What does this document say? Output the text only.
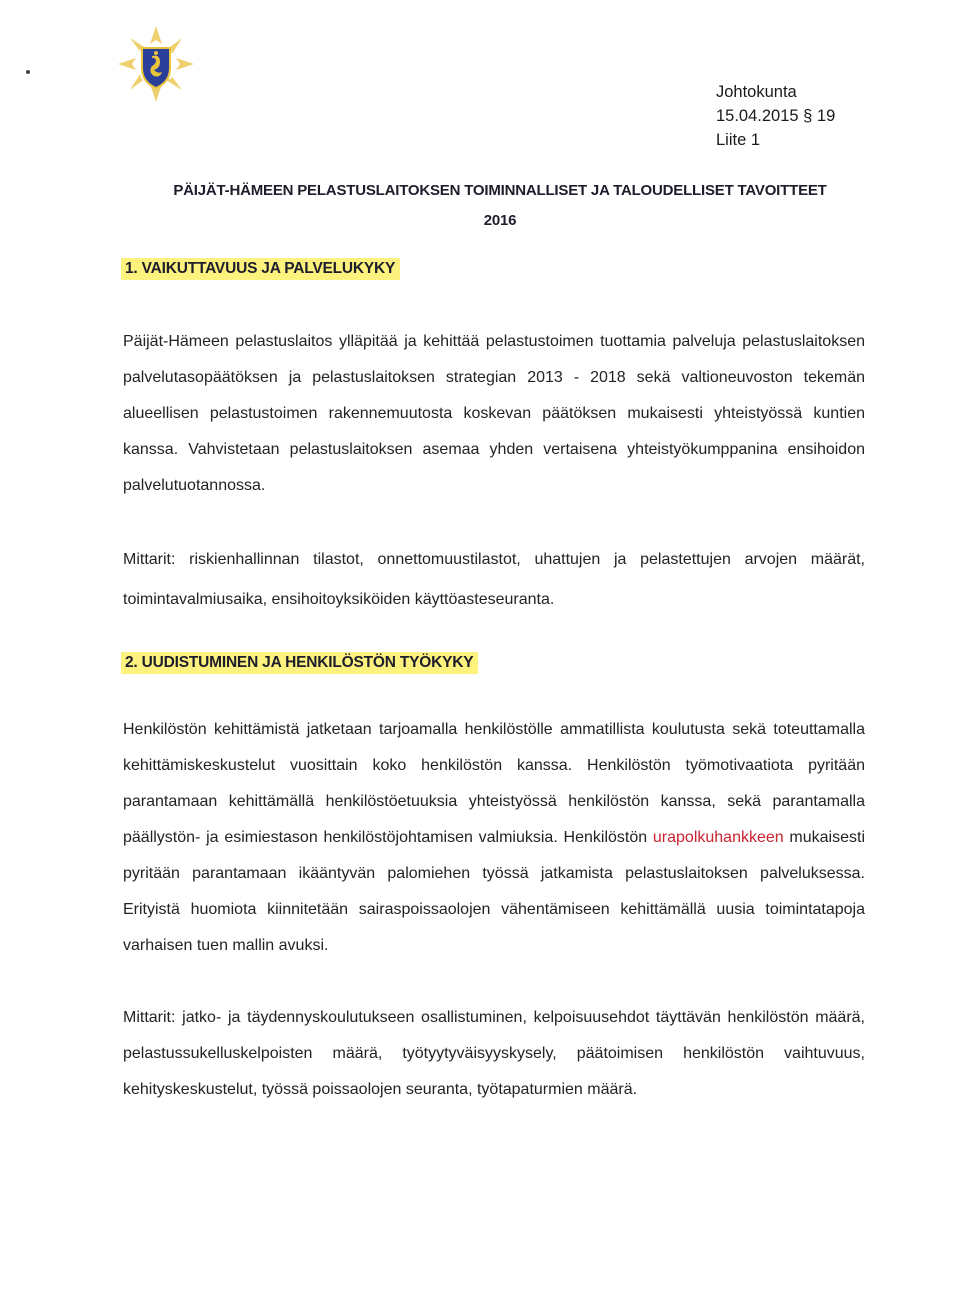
Johtokunta
15.04.2015 § 19
Liite 1
PÄIJÄT-HÄMEEN PELASTUSLAITOKSEN TOIMINNALLISET JA TALOUDELLISET TAVOITTEET
2016
1. VAIKUTTAVUUS JA PALVELUKYKY
Päijät-Hämeen pelastuslaitos ylläpitää ja kehittää pelastustoimen tuottamia palveluja pelastuslaitoksen palvelutasopäätöksen ja pelastuslaitoksen strategian 2013 - 2018 sekä valtioneuvoston tekemän alueellisen pelastustoimen rakennemuutosta koskevan päätöksen mukaisesti yhteistyössä kuntien kanssa. Vahvistetaan pelastuslaitoksen asemaa yhden vertaisena yhteistyökumppanina ensihoidon palvelutuotannossa.
Mittarit: riskienhallinnan tilastot, onnettomuustilastot, uhattujen ja pelastettujen arvojen määrät, toimintavalmiusaika, ensihoitoyksiköiden käyttöasteseuranta.
2. UUDISTUMINEN JA HENKILÖSTÖN TYÖKYKY
Henkilöstön kehittämistä jatketaan tarjoamalla henkilöstölle ammatillista koulutusta sekä toteuttamalla kehittämiskeskustelut vuosittain koko henkilöstön kanssa. Henkilöstön työmotivaatiota pyritään parantamaan kehittämällä henkilöstöetuuksia yhteistyössä henkilöstön kanssa, sekä parantamalla päällystön- ja esimiestason henkilöstöjohtamisen valmiuksia. Henkilöstön urapolkuhankkeen mukaisesti pyritään parantamaan ikääntyvän palomiehen työssä jatkamista pelastuslaitoksen palveluksessa. Erityistä huomiota kiinnitetään sairaspoissaolojen vähentämiseen kehittämällä uusia toimintatapoja varhaisen tuen mallin avuksi.
Mittarit: jatko- ja täydennyskoulutukseen osallistuminen, kelpoisuusehdot täyttävän henkilöstön määrä, pelastussukelluskelpoisten määrä, työtyytyväisyyskysely, päätoimisen henkilöstön vaihtuvuus, kehityskeskustelut, työssä poissaolojen seuranta, työtapaturmien määrä.
